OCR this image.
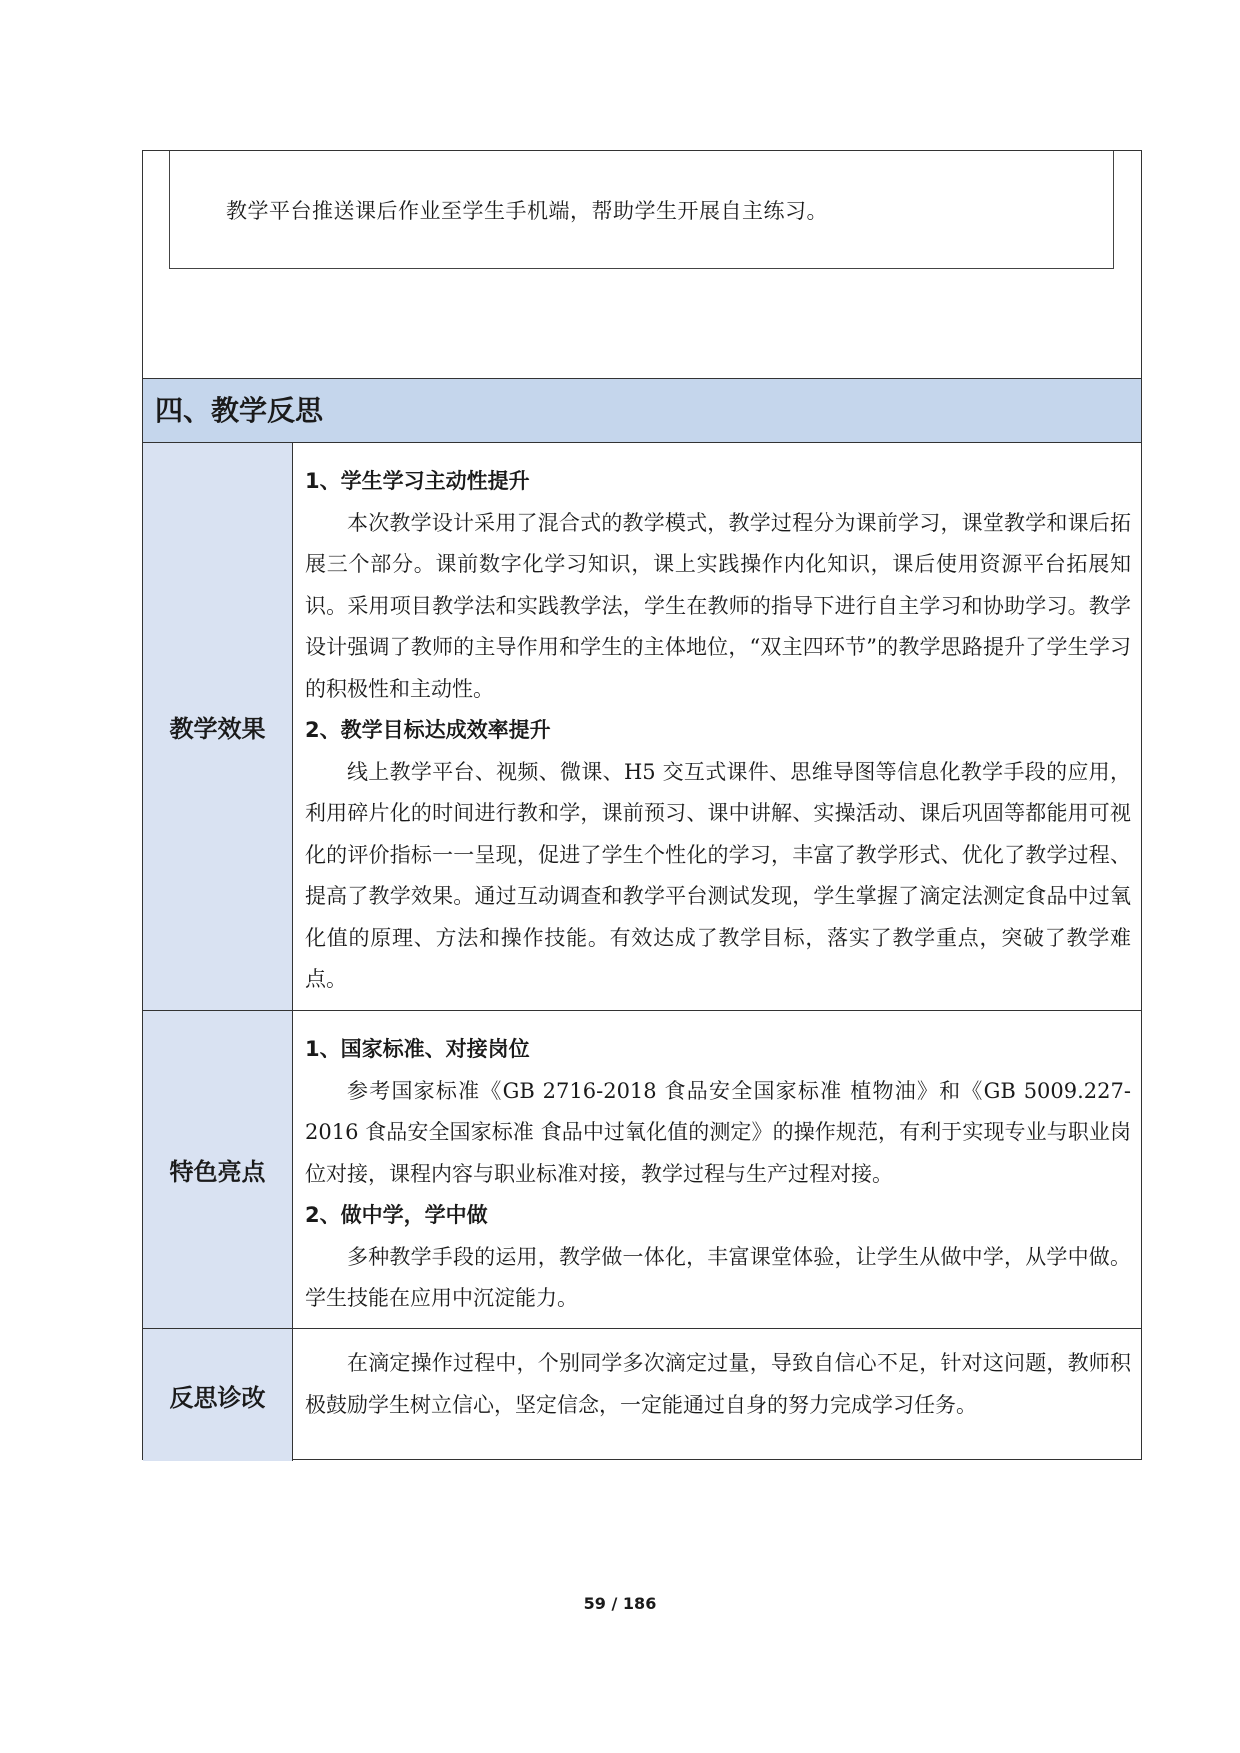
教学平台推送课后作业至学生手机端，帮助学生开展自主练习。
四、教学反思
教学效果
1、学生学习主动性提升

本次教学设计采用了混合式的教学模式，教学过程分为课前学习，课堂教学和课后拓展三个部分。课前数字化学习知识，课上实践操作内化知识，课后使用资源平台拓展知识。采用项目教学法和实践教学法，学生在教师的指导下进行自主学习和协助学习。教学设计强调了教师的主导作用和学生的主体地位，“双主四环节”的教学思路提升了学生学习的积极性和主动性。

2、教学目标达成效率提升

线上教学平台、视频、微课、H5 交互式课件、思维导图等信息化教学手段的应用，利用碎片化的时间进行教和学，课前预习、课中讲解、实操活动、课后巩固等都能用可视化的评价指标一一呈现，促进了学生个性化的学习，丰富了教学形式、优化了教学过程、提高了教学效果。通过互动调查和教学平台测试发现，学生掌握了滴定法测定食品中过氧化值的原理、方法和操作技能。有效达成了教学目标，落实了教学重点，突破了教学难点。

特色亮点
1、国家标准、对接岗位

参考国家标准《GB 2716-2018 食品安全国家标准 植物油》和《GB 5009.227-2016 食品安全国家标准 食品中过氧化值的测定》的操作规范，有利于实现专业与职业岗位对接，课程内容与职业标准对接，教学过程与生产过程对接。

2、做中学，学中做

多种教学手段的运用，教学做一体化，丰富课堂体验，让学生从做中学，从学中做。学生技能在应用中沉淀能力。

反思诊改

在滴定操作过程中，个别同学多次滴定过量，导致自信心不足，针对这问题，教师积极鼓励学生树立信心，坚定信念，一定能通过自身的努力完成学习任务。

59 / 186
